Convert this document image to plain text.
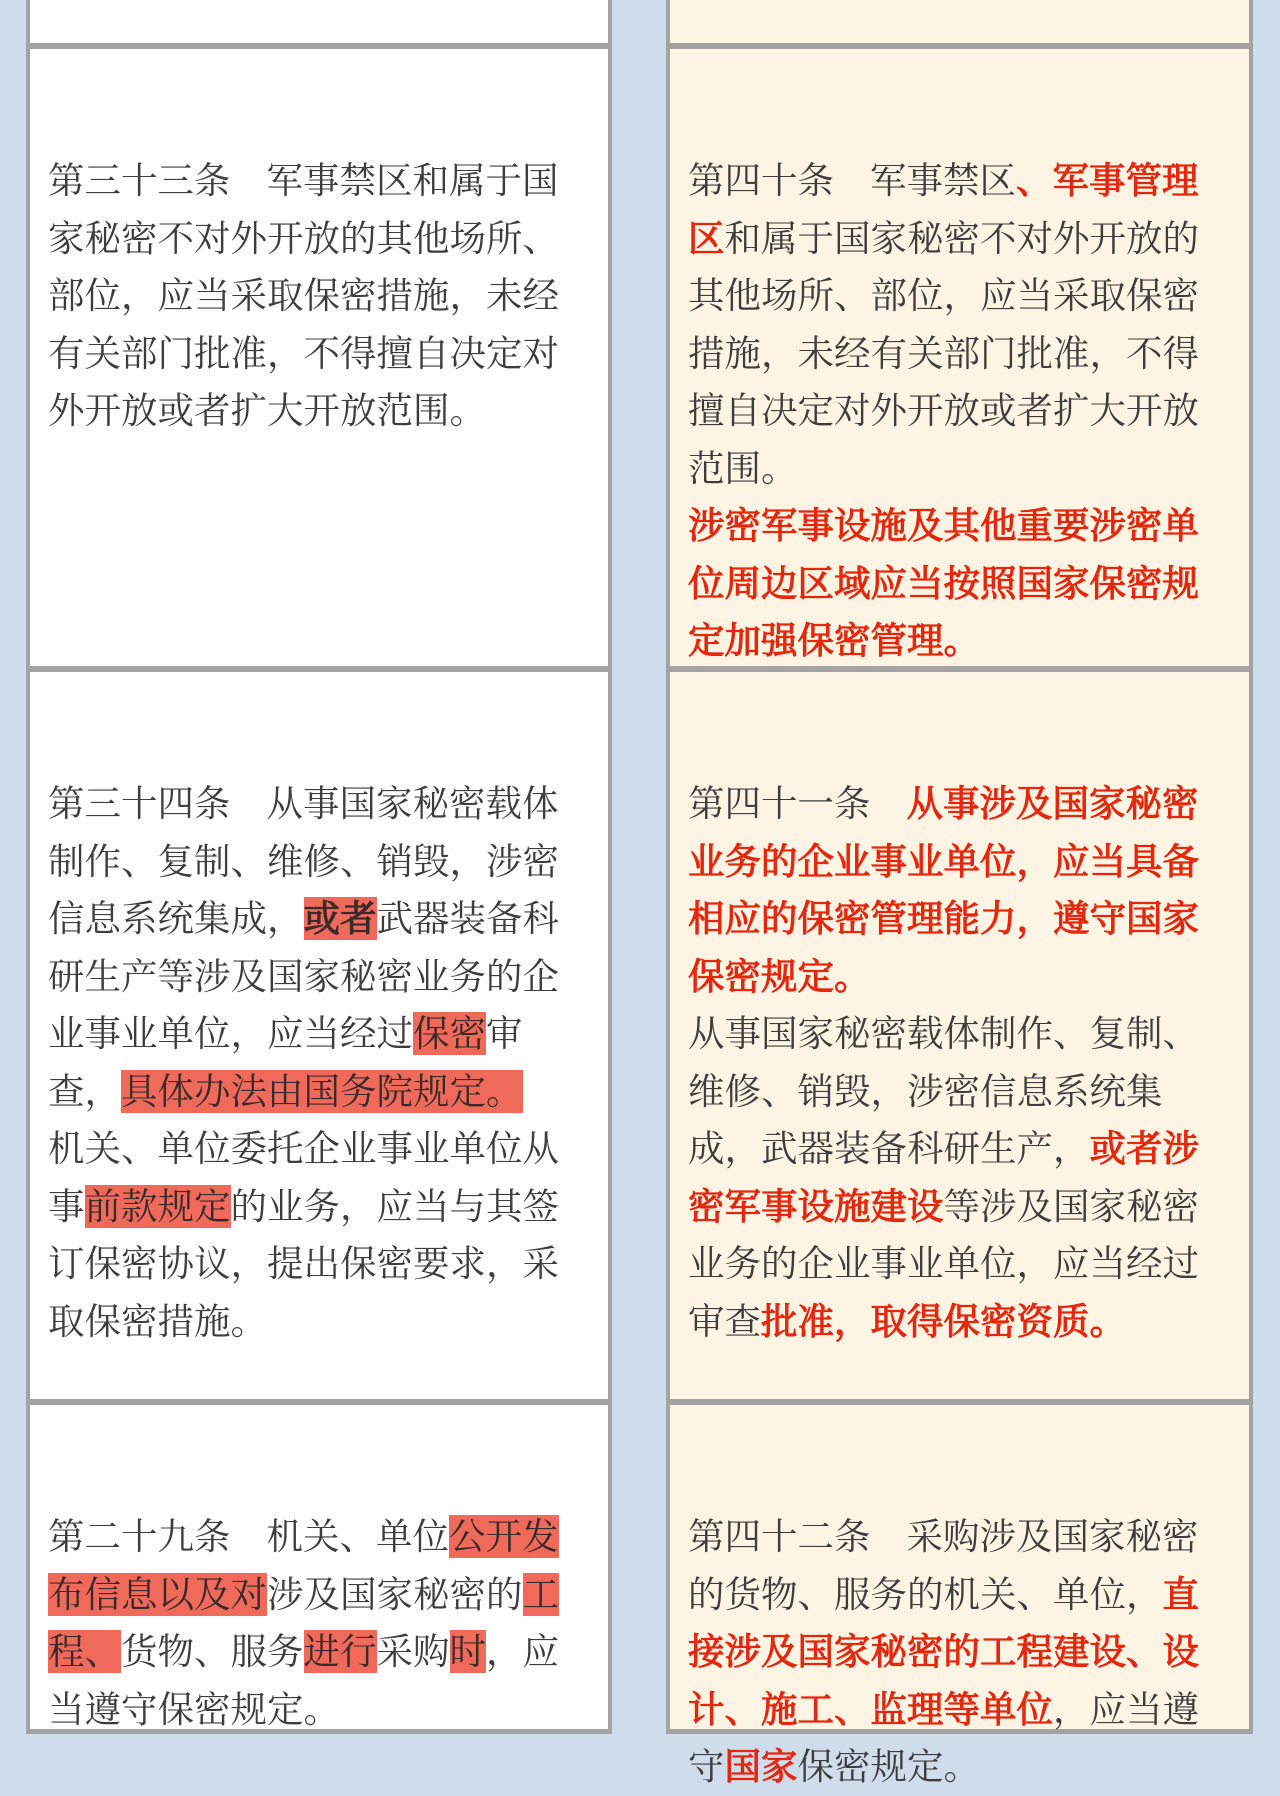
第三十三条 军事禁区和属于国家秘密不对外开放的其他场所、部位，应当采取保密措施，未经有关部门批准，不得擅自决定对外开放或者扩大开放范围。

第三十四条 从事国家秘密载体制作、复制、维修、销毁，涉密信息系统集成，或者武器装备科研生产等涉及国家秘密业务的企业事业单位，应当经过保密审查，具体办法由国务院规定。

机关、单位委托企业事业单位从事前款规定的业务，应当与其签订保密协议，提出保密要求，采取保密措施。

第二十九条 机关、单位公开发布信息以及对涉及国家秘密的工程、货物、服务进行采购时，应当遵守保密规定。

第四十条 军事禁区、军事管理区和属于国家秘密不对外开放的其他场所、部位，应当采取保密措施，未经有关部门批准，不得擅自决定对外开放或者扩大开放范围。

涉密军事设施及其他重要涉密单位周边区域应当按照国家保密规定加强保密管理。

第四十一条 从事涉及国家秘密业务的企业事业单位，应当具备相应的保密管理能力，遵守国家保密规定。

从事国家秘密载体制作、复制、维修、销毁，涉密信息系统集成，武器装备科研生产，或者涉密军事设施建设等涉及国家秘密业务的企业事业单位，应当经过审查批准，取得保密资质。

第四十二条 采购涉及国家秘密的货物、服务的机关、单位，直接涉及国家秘密的工程建设、设计、施工、监理等单位，应当遵守国家保密规定。
